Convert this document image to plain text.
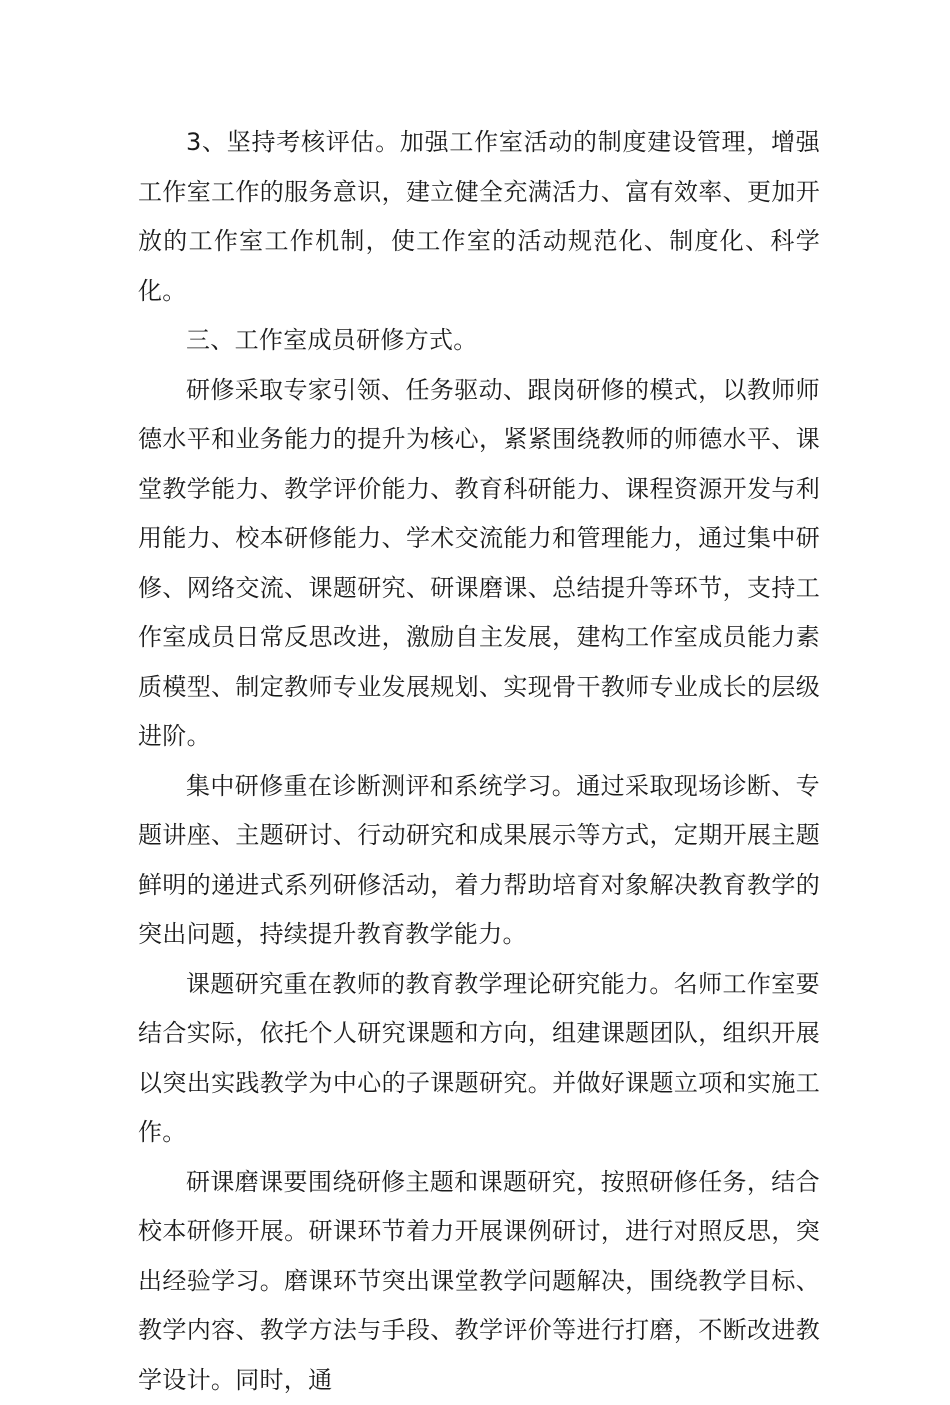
3、坚持考核评估。加强工作室活动的制度建设管理，增强工作室工作的服务意识，建立健全充满活力、富有效率、更加开放的工作室工作机制，使工作室的活动规范化、制度化、科学化。

三、工作室成员研修方式。

研修采取专家引领、任务驱动、跟岗研修的模式，以教师师德水平和业务能力的提升为核心，紧紧围绕教师的师德水平、课堂教学能力、教学评价能力、教育科研能力、课程资源开发与利用能力、校本研修能力、学术交流能力和管理能力，通过集中研修、网络交流、课题研究、研课磨课、总结提升等环节，支持工作室成员日常反思改进，激励自主发展，建构工作室成员能力素质模型、制定教师专业发展规划、实现骨干教师专业成长的层级进阶。

集中研修重在诊断测评和系统学习。通过采取现场诊断、专题讲座、主题研讨、行动研究和成果展示等方式，定期开展主题鲜明的递进式系列研修活动，着力帮助培育对象解决教育教学的突出问题，持续提升教育教学能力。

课题研究重在教师的教育教学理论研究能力。名师工作室要结合实际，依托个人研究课题和方向，组建课题团队，组织开展以突出实践教学为中心的子课题研究。并做好课题立项和实施工作。

研课磨课要围绕研修主题和课题研究，按照研修任务，结合校本研修开展。研课环节着力开展课例研讨，进行对照反思，突出经验学习。磨课环节突出课堂教学问题解决，围绕教学目标、教学内容、教学方法与手段、教学评价等进行打磨，不断改进教学设计。同时，通
